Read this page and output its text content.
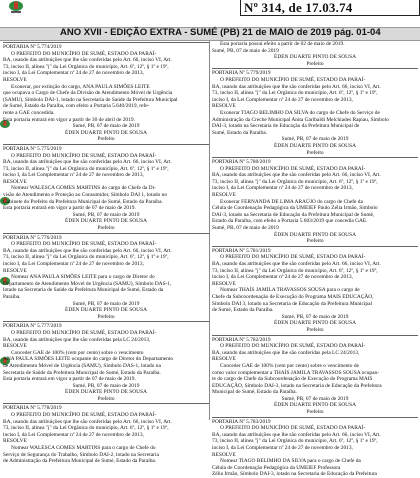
Nº 314, de 17.03.74
ANO XVII - EDIÇÃO EXTRA - SUMÉ (PB) 21 de MAIO de 2019 pág. 01-04
PORTARIA Nº 5.774/2019
O PREFEITO DO MUNICÍPIO DE SUMÉ, ESTADO DA PARAÍ-
BA, usando das atribuições que lhe são conferidas pelo Art. 66, inciso VI, Art.
73, inciso II, alínea "j" da Lei Orgânica do município, Art. 6º, 12º, § 1º e 19º,
inciso I, da Lei Complementar nº 24 de 27 de novembro de 2013,
RESOLVE
Exonerar, por extinção do cargo, ANA PAULA SIMÕES LEITE
que ocupava o Cargo de Chefe da Divisão de Atendimento Móvel de Urgência
(SAMU), Símbolo DAI-1, lotado na Secretaria de Saúde da Prefeitura Municipal
de Sumé, Estado da Paraíba, com efeito a Portaria 5.640/2019, refe-
rente a GAE concedida.
Esta portaria entrará em vigor a partir de 30 de abril de 2019.
Sumé, PB, 07 de maio de 2019
ÉDEN DUARTE PINTO DE SOUSA
Prefeito
PORTARIA Nº 5.775/2019
O PREFEITO DO MUNICÍPIO DE SUMÉ, ESTADO DA PARAÍ-
BA, usando das atribuições que lhe são conferidas pelo Art. 66, inciso VI, Art.
73, inciso II, alínea "j" da Lei Orgânica do município, Art. 6º, 12º, § 1º e 19º,
inciso I, da Lei Complementar nº 24 de 27 de novembro de 2013,
RESOLVE
Nomear WALESCA GOMES MARTINS do cargo de Chefe da Di-
visão de Atendimento e Proteção ao Consumidor, Símbolo DAI 1, lotado no
Gabinete do Prefeito da Prefeitura Municipal de Sumé, Estado da Paraíba.
Esta portaria entrará em vigor a partir de 07 de maio de 2019.
Sumé, PB, 07 de maio de 2019
ÉDEN DUARTE PINTO DE SOUSA
Prefeito
PORTARIA Nº 5.776/2019
O PREFEITO DO MUNICÍPIO DE SUMÉ, ESTADO DA PARAÍ-
BA, usando das atribuições que lhe são conferidas pelo Art. 66, inciso VI, Art.
73, inciso II, alínea "j" da Lei Orgânica do município, Art. 6º, 12º, § 1º e 19º,
inciso I, da Lei Complementar nº 24 de 27 de novembro de 2013,
RESOLVE
Nomear ANA PAULA SIMÕES LEITE para o cargo de Diretor do
Departamento de Atendimento Móvel de Urgência (SAMU), Símbolo DAS-1,
lotado na Secretaria de Saúde da Prefeitura Municipal de Sumé, Estado da
Paraíba.
Sumé, PB, 07 de maio de 2019
ÉDEN DUARTE PINTO DE SOUSA
Prefeito
PORTARIA Nº 5.777/2019
O PREFEITO DO MUNICÍPIO DE SUMÉ, ESTADO DA PARAÍ-
BA, usando das atribuições que lhe são conferidas pela LC 24/2013,
RESOLVE
Conceder GAE de 100% (cem por cento) sobre o vencimento
ANA PAULA SIMÕES LEITE ocupante do cargo de Diretor do Departamento
de Atendimento Móvel de Urgência (SAMU), Símbolo DAS-1, lotado na
Secretaria de Saúde da Prefeitura Municipal de Sumé, Estado da Paraíba.
Esta portaria entrará em vigor a partir de 07 de maio de 2019.
Sumé, PB, 07 de maio de 2019
ÉDEN DUARTE PINTO DE SOUSA
Prefeito
PORTARIA Nº 5.778/2019
O PREFEITO DO MUNICÍPIO DE SUMÉ, ESTADO DA PARAÍ-
BA, usando das atribuições que lhe são conferidas pelo Art. 66, inciso VI, Art.
73, inciso II, alínea "j" da Lei Orgânica do município, Art. 6º, 12º, § 1º e 19º,
inciso I, da Lei Complementar nº 24 de 27 de novembro de 2013,
RESOLVE
Nomear WALESCA GOMES MARTINS para o cargo de Chefe do
Serviço de Segurança do Trabalho, Símbolo DAI-2, lotado na Secretaria
de Administração da Prefeitura Municipal de Sumé, Estado da Paraíba.
Esta portaria possui efeito a partir de 02 de maio de 2019.
Sumé, PB, 07 de maio de 2019
ÉDEN DUARTE PINTO DE SOUSA
Prefeito
PORTARIA Nº 5.779/2019
O PREFEITO DO MUNICÍPIO DE SUMÉ, ESTADO DA PARAÍ-
BA, usando das atribuições que lhe são conferidas pelo Art. 66, inciso VI, Art.
73, inciso II, alínea "j" da Lei Orgânica do município, Art. 6º, 12º, § 1º e 19º,
inciso I, da Lei Complementar nº 24 de 27 de novembro de 2013,
RESOLVE
Exonerar TIAGO BELIMHO DA SILVA do cargo de Chefe do Serviço de
Administração da Creche Municipal Anita Garibaldi Melchiades Rapiau, Símbolo
DAI-3, lotado na Secretaria de Educação da Prefeitura Municipal de
Sumé, Estado da Paraíba.
Sumé, PB, 07 de maio de 2019
ÉDEN DUARTE PINTO DE SOUSA
Prefeito
PORTARIA Nº 5.780/2019
O PREFEITO DO MUNICÍPIO DE SUMÉ, ESTADO DA PARAÍ-
BA, usando das atribuições que lhe são conferidas pelo Art. 66, inciso VI, Art.
73, inciso II, alínea "j" da Lei Orgânica do município, Art. 6º, 12º, § 1º e 19º,
inciso I, da Lei Complementar nº 24 de 27 de novembro de 2013,
RESOLVE
Exonerar FERNANDA DE LIMA ARAÚJO do cargo de Chefe da
Célula de Coordenação Pedagógica da UMEIEF Paulo Zélia Irmão, Símbolo
DAI-3, lotado na Secretaria de Educação da Prefeitura Municipal de Sumé,
Estado da Paraíba, com efeito a Portaria 5.603/2019 que concedia GAE.
Sumé, PB, 07 de maio de 2019
ÉDEN DUARTE PINTO DE SOUSA
Prefeito
PORTARIA Nº 5.781/2019
O PREFEITO DO MUNICÍPIO DE SUMÉ, ESTADO DA PARAÍ-
BA, usando das atribuições que lhe são conferidas pelo Art. 66, inciso VI, Art.
73, inciso II, alínea "j" da Lei Orgânica do município, Art. 6º, 12º, § 1º e 19º,
inciso I, da Lei Complementar nº 24 de 27 de novembro de 2013,
RESOLVE
Nomear THAÍS JAMILA TRAVASSOS SOUSA para o cargo de
Chefe da Subcoordenação de Execução do Programa MAIS EDUCAÇÃO,
Símbolo DAI 3, lotado na Secretaria de Educação da Prefeitura Municipal
de Sumé, Estado da Paraíba.
Sumé, PB, 07 de maio de 2019
ÉDEN DUARTE PINTO DE SOUSA
Prefeito
PORTARIA Nº 5.782/2019
O PREFEITO DO MUNICÍPIO DE SUMÉ, ESTADO DA PARAÍ-
BA, usando das atribuições que lhe são conferidas pela LC 24/2013,
RESOLVE
Conceder GAE de 100% (cem por cento) sobre o vencimento de
como valor complementar a THAÍS JAMILA TRAVASSOS SOUSA ocupan-
te do cargo de Chefe da Subcoordenação de Execução do Programa MAIS
EDUCAÇÃO, Símbolo DAI-3, lotado na Secretaria de Educação da Prefeitura
Municipal de Sumé, Estado da Paraíba.
Sumé, PB, 07 de maio de 2019
ÉDEN DUARTE PINTO DE SOUSA
Prefeito
PORTARIA Nº 5.783/2019
O PREFEITO DO MUNICÍPIO DE SUMÉ, ESTADO DA PARAÍ-
BA, usando das atribuições que lhe são conferidas pelo Art. 66, inciso VI, Art.
73, inciso II, alínea "j" da Lei Orgânica do município, Art. 6º, 12º, § 1º e 19º,
inciso I, da Lei Complementar nº 24 de 27 de novembro de 2013,
RESOLVE
Nomear TIAGO BELIMHO DA SILVA para o cargo de Chefe da
Célula de Coordenação Pedagógica da UMEIEF Professora
Zélia Irmão, Símbolo DAI-3, lotado na Secretaria de Educação da Prefeitura
